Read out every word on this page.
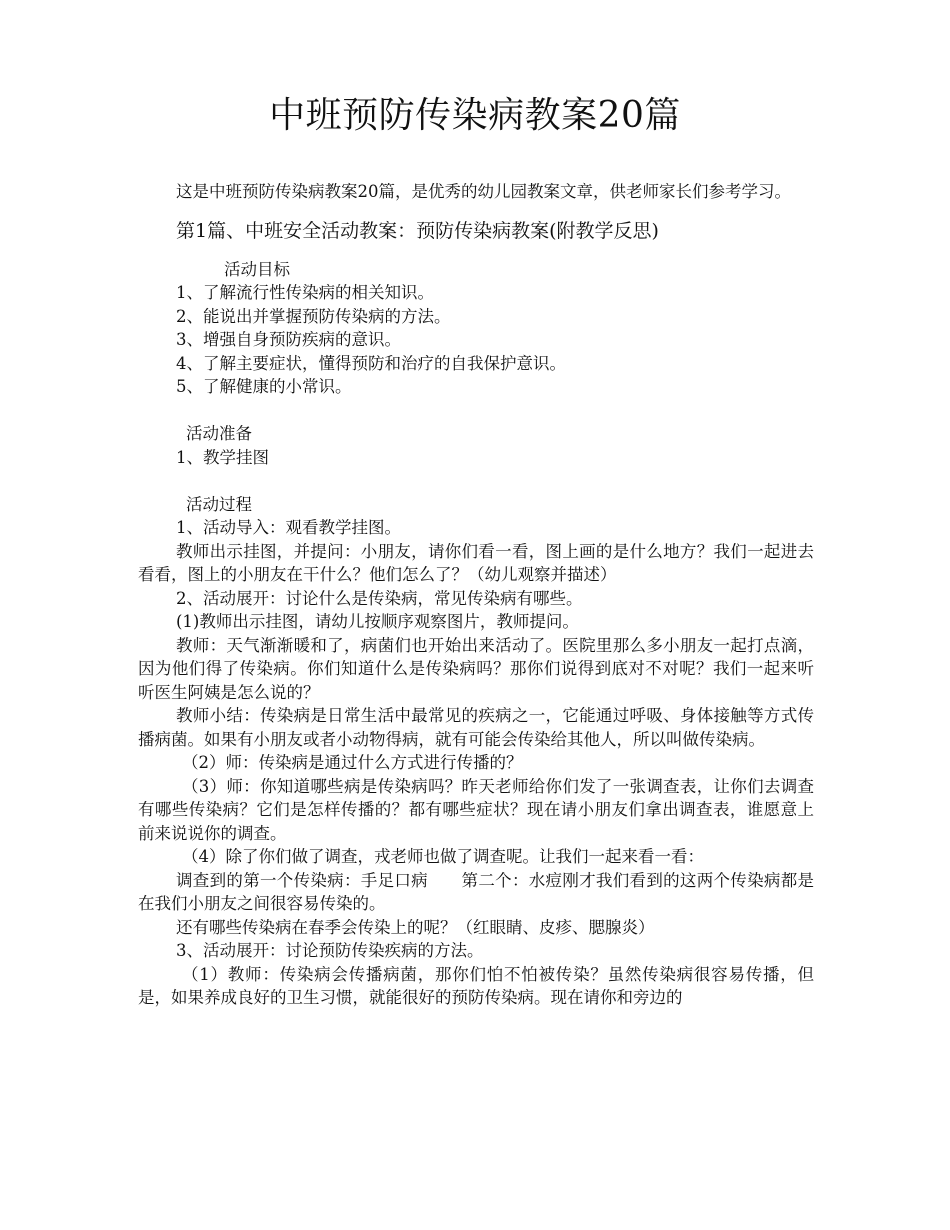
中班预防传染病教案20篇

这是中班预防传染病教案20篇，是优秀的幼儿园教案文章，供老师家长们参考学习。

第1篇、中班安全活动教案：预防传染病教案(附教学反思)

活动目标

1、了解流行性传染病的相关知识。

2、能说出并掌握预防传染病的方法。

3、增强自身预防疾病的意识。

4、了解主要症状，懂得预防和治疗的自我保护意识。

5、了解健康的小常识。

活动准备

1、教学挂图

活动过程

1、活动导入：观看教学挂图。

教师出示挂图，并提问：小朋友，请你们看一看，图上画的是什么地方？我们一起进去看看，图上的小朋友在干什么？他们怎么了？（幼儿观察并描述）

2、活动展开：讨论什么是传染病，常见传染病有哪些。

(1)教师出示挂图，请幼儿按顺序观察图片，教师提问。

教师：天气渐渐暖和了，病菌们也开始出来活动了。医院里那么多小朋友一起打点滴，因为他们得了传染病。你们知道什么是传染病吗？那你们说得到底对不对呢？我们一起来听听医生阿姨是怎么说的？

教师小结：传染病是日常生活中最常见的疾病之一，它能通过呼吸、身体接触等方式传播病菌。如果有小朋友或者小动物得病，就有可能会传染给其他人，所以叫做传染病。

（2）师：传染病是通过什么方式进行传播的？

（3）师：你知道哪些病是传染病吗？昨天老师给你们发了一张调查表，让你们去调查有哪些传染病？它们是怎样传播的？都有哪些症状？现在请小朋友们拿出调查表，谁愿意上前来说说你的调查。

（4）除了你们做了调查，戎老师也做了调查呢。让我们一起来看一看：

调查到的第一个传染病：手足口病　　第二个：水痘刚才我们看到的这两个传染病都是在我们小朋友之间很容易传染的。

还有哪些传染病在春季会传染上的呢？（红眼睛、皮疹、腮腺炎）

3、活动展开：讨论预防传染疾病的方法。

（1）教师：传染病会传播病菌，那你们怕不怕被传染？虽然传染病很容易传播，但是，如果养成良好的卫生习惯，就能很好的预防传染病。现在请你和旁边的
